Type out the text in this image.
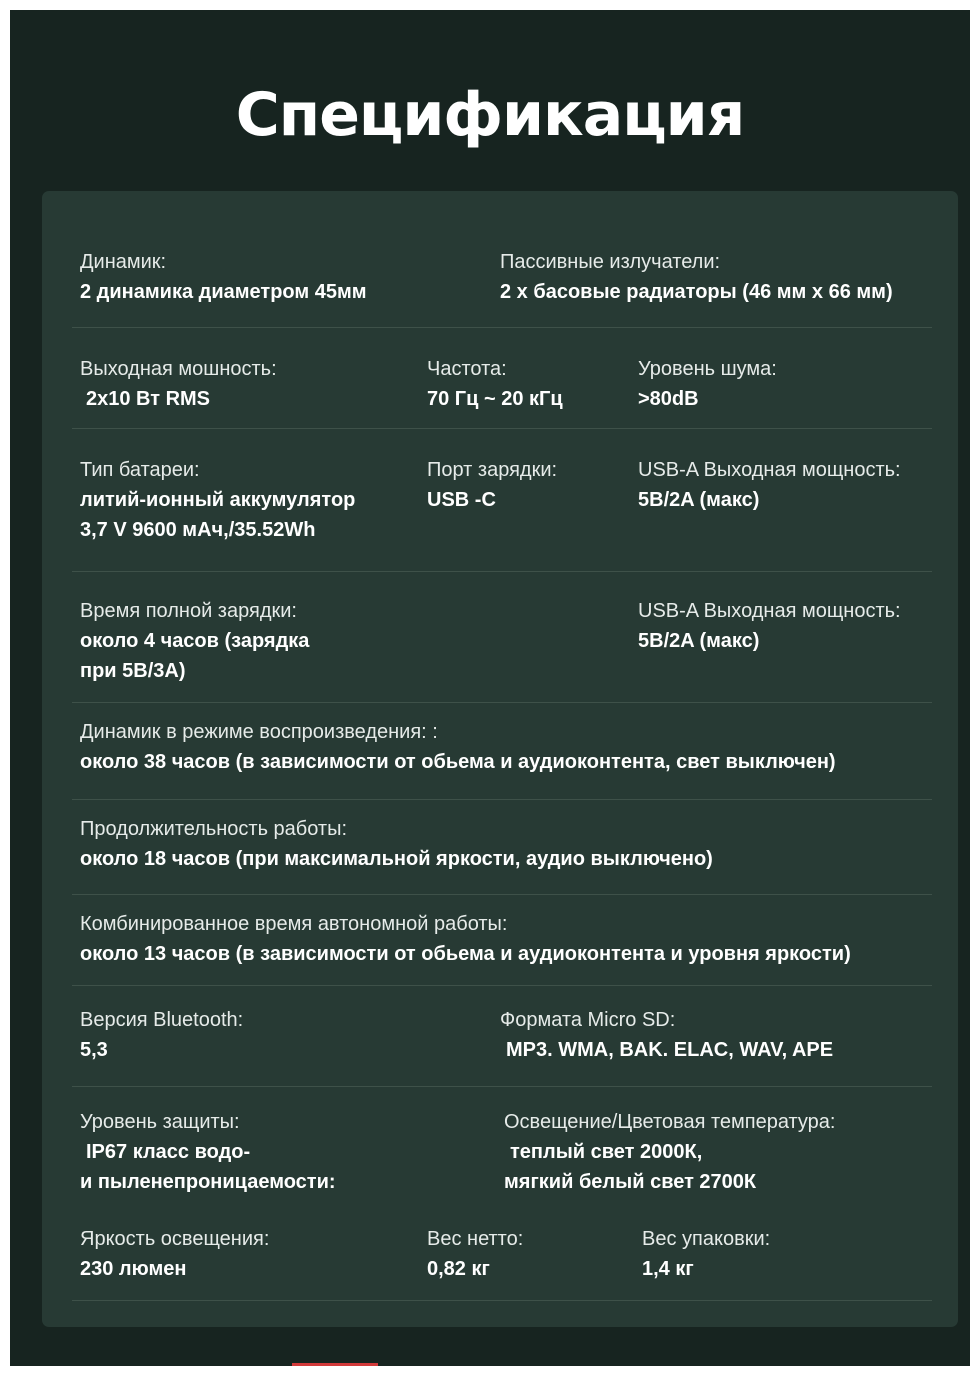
Спецификация
Динамик:
2 динамика диаметром 45мм
Пассивные излучатели:
2 х басовые радиаторы (46 мм х 66 мм)
Выходная мошность:
2x10 Вт RMS
Частота:
70 Гц ~ 20 кГц
Уровень шума:
>80dB
Тип батареи:
литий-ионный аккумулятор
3,7 V 9600 мАч,/35.52Wh
Порт зарядки:
USB -C
USB-A Выходная мощность:
5B/2A (макс)
Время полной зарядки:
около 4 часов (зарядка
при 5В/3А)
USB-A Выходная мощность:
5B/2A (макс)
Динамик в режиме воспроизведения: :
около 38 часов (в зависимости от обьема и аудиоконтента, свет выключен)
Продолжительность работы:
около 18 часов (при максимальной яркости, аудио выключено)
Комбинированное время автономной работы:
около 13 часов (в зависимости от обьема и аудиоконтента и уровня яркости)
Версия Bluetooth:
5,3
Формата Micro SD:
MP3. WMA, BAK. ELAC, WAV, APE
Уровень защиты:
IP67 класс водо-
и пыленепроницаемости:
Освещение/Цветовая температура:
теплый свет 2000К,
мягкий белый свет 2700К
Яркость освещения:
230 люмен
Вес нетто:
0,82 кг
Вес упаковки:
1,4 кг
